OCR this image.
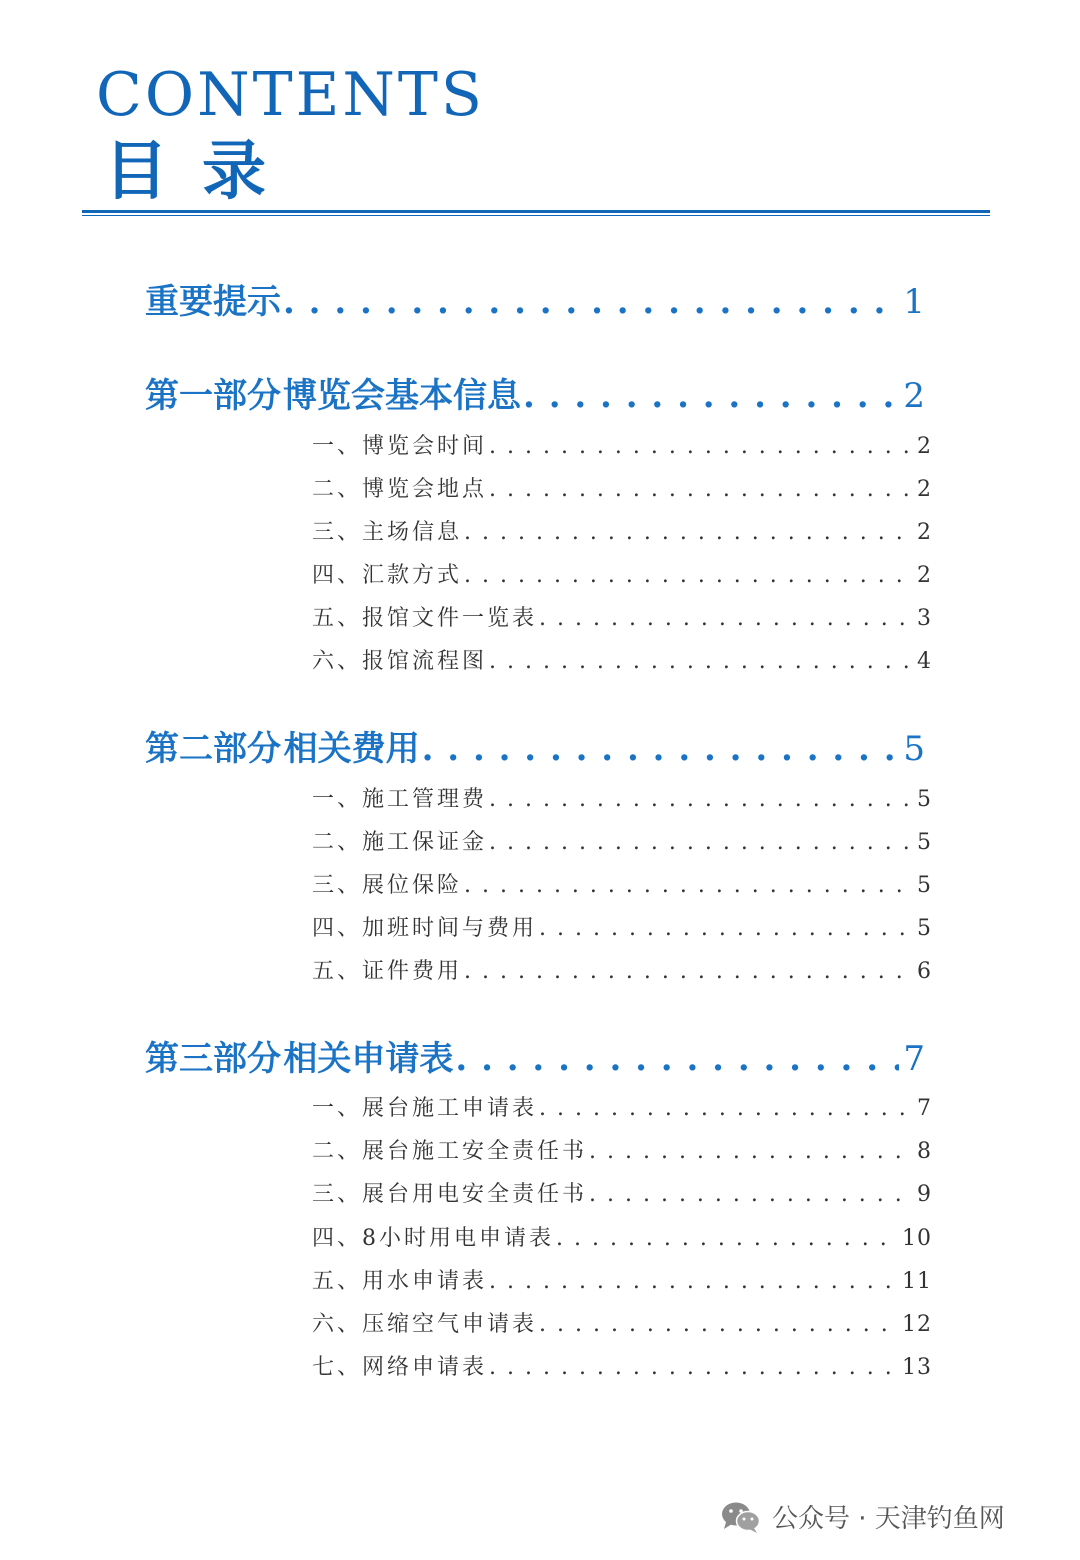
CONTENTS
目录
重要提示 . . .	1
第一部分 博览会基本信息 . . .	2
一、博览会时间 . . .	2
二、博览会地点 . . .	2
三、主场信息 . . .	2
四、汇款方式 . . .	2
五、报馆文件一览表 . . .	3
六、报馆流程图 . . .	4
第二部分 相关费用 . . .	5
一、施工管理费 . . .	5
二、施工保证金 . . .	5
三、展位保险 . . .	5
四、加班时间与费用 . . .	5
五、证件费用 . . .	6
第三部分 相关申请表 . . .	7
一、展台施工申请表 . . .	7
二、展台施工安全责任书 . . .	8
三、展台用电安全责任书 . . .	9
四、8小时用电申请表 . . .	10
五、用水申请表 . . .	11
六、压缩空气申请表 . . .	12
七、网络申请表 . . .	13
公众号 · 天津钓鱼网
